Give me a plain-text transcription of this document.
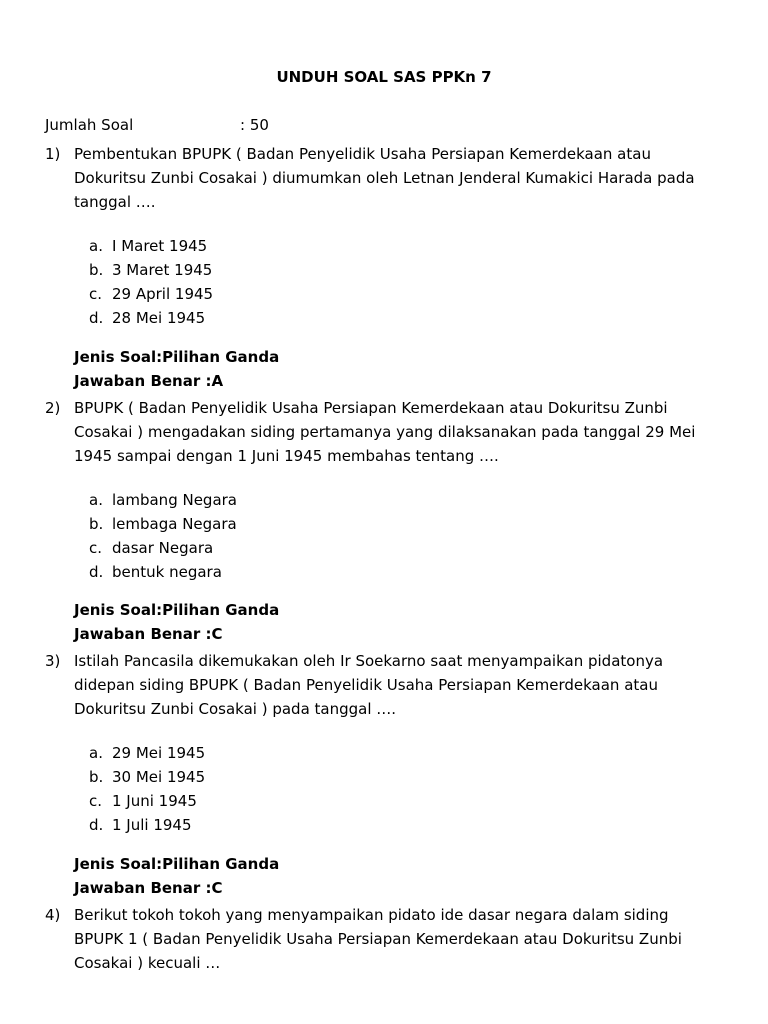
UNDUH SOAL SAS PPKn 7
Jumlah Soal	: 50
1) Pembentukan BPUPK ( Badan Penyelidik Usaha Persiapan Kemerdekaan atau Dokuritsu Zunbi Cosakai ) diumumkan oleh Letnan Jenderal Kumakici Harada pada tanggal ….
a. I Maret 1945
b. 3 Maret 1945
c. 29 April 1945
d. 28 Mei 1945
Jenis Soal:Pilihan Ganda
Jawaban Benar :A
2) BPUPK ( Badan Penyelidik Usaha Persiapan Kemerdekaan atau Dokuritsu Zunbi Cosakai ) mengadakan siding pertamanya yang dilaksanakan pada tanggal 29 Mei 1945 sampai dengan 1 Juni 1945 membahas tentang ….
a. lambang Negara
b. lembaga Negara
c. dasar Negara
d. bentuk negara
Jenis Soal:Pilihan Ganda
Jawaban Benar :C
3) Istilah Pancasila dikemukakan oleh Ir Soekarno saat menyampaikan pidatonya didepan siding BPUPK ( Badan Penyelidik Usaha Persiapan Kemerdekaan atau Dokuritsu Zunbi Cosakai ) pada tanggal ….
a. 29 Mei 1945
b. 30 Mei 1945
c. 1 Juni 1945
d. 1 Juli 1945
Jenis Soal:Pilihan Ganda
Jawaban Benar :C
4) Berikut tokoh tokoh yang menyampaikan pidato ide dasar negara dalam siding BPUPK 1 ( Badan Penyelidik Usaha Persiapan Kemerdekaan atau Dokuritsu Zunbi Cosakai ) kecuali …
